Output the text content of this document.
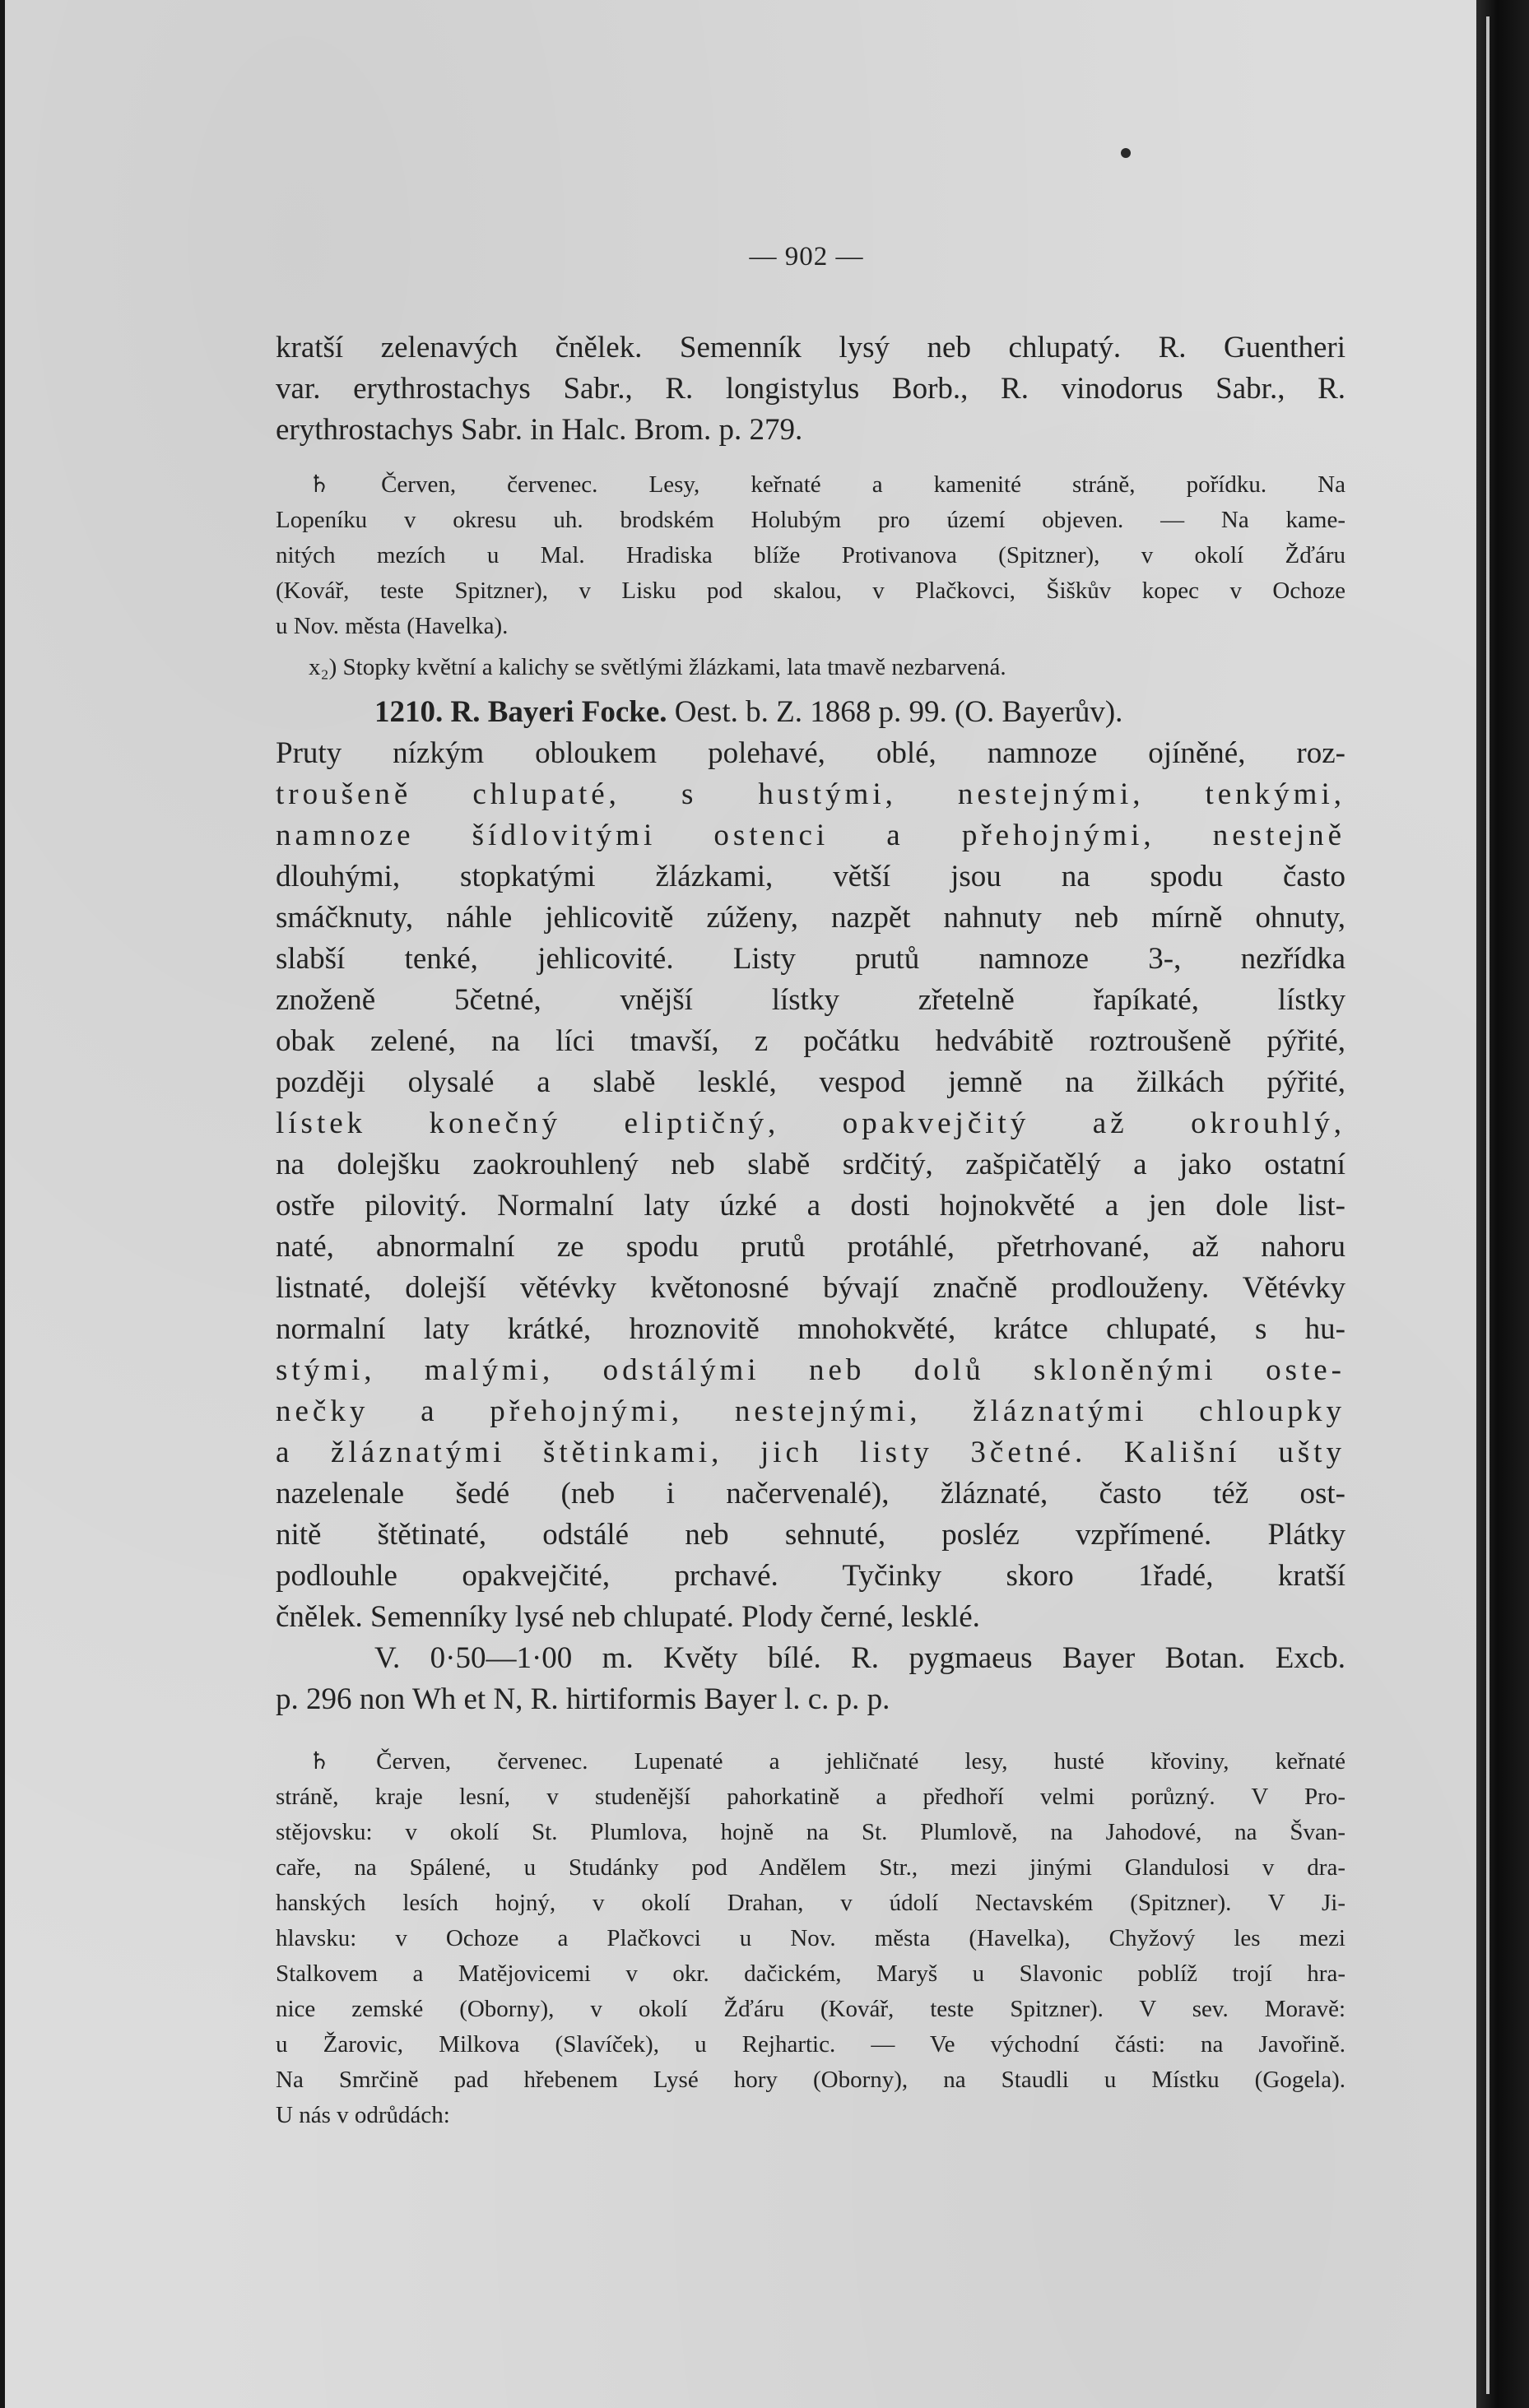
— 902 —
kratší zelenavých čnělek. Semenník lysý neb chlupatý. R. Guentheri
var. erythrostachys Sabr., R. longistylus Borb., R. vinodorus Sabr., R.
erythrostachys Sabr. in Halc. Brom. p. 279.
♄ Červen, červenec. Lesy, keřnaté a kamenité stráně, pořídku. Na
Lopeníku v okresu uh. brodském Holubým pro území objeven. — Na kame-
nitých mezích u Mal. Hradiska blíže Protivanova (Spitzner), v okolí Žďáru
(Kovář, teste Spitzner), v Lisku pod skalou, v Plačkovci, Šiškův kopec v Ochoze
u Nov. města (Havelka).
x₂) Stopky květní a kalichy se světlými žlázkami, lata tmavě nezbarvená.
1210. R. Bayeri Focke. Oest. b. Z. 1868 p. 99. (O. Bayerův).
Pruty nízkým obloukem polehavé, oblé, namnoze ojíněné, roz-
troušeně chlupaté, s hustými, nestejnými, tenkými,
namnoze šídlovitými ostenci a přehojnými, nestejně
dlouhými, stopkatými žlázkami, větší jsou na spodu často
smáčknuty, náhle jehlicovitě zúženy, nazpět nahnuty neb mírně ohnuty,
slabší tenké, jehlicovité. Listy prutů namnoze 3-, nezřídka
znoženě 5četné, vnější lístky zřetelně řapíkaté, lístky
obak zelené, na líci tmavší, z počátku hedvábitě roztroušeně pýřité,
později olysalé a slabě lesklé, vespod jemně na žilkách pýřité,
lístek konečný eliptičný, opakvejčitý až okrouhlý,
na dolejšku zaokrouhlený neb slabě srdčitý, zašpičatělý a jako ostatní
ostře pilovitý. Normalní laty úzké a dosti hojnokvěté a jen dole list-
naté, abnormalní ze spodu prutů protáhlé, přetrhované, až nahoru
listnaté, dolejší větévky květonosné bývají značně prodlouženy. Větévky
normalní laty krátké, hroznovitě mnohokvěté, krátce chlupaté, s hu-
stými, malými, odstálými neb dolů skloněnými oste-
nečky a přehojnými, nestejnými, žláznatými chloupky
a žláznatými štětinkami, jich listy 3četné. Kališní ušty
nazelenale šedé (neb i načervenalé), žláznaté, často též ost-
nitě štětinaté, odstálé neb sehnuté, posléz vzpřímené. Plátky
podlouhle opakvejčité, prchavé. Tyčinky skoro 1řadé, kratší
čnělek. Semenníky lysé neb chlupaté. Plody černé, lesklé.
V. 0·50—1·00 m. Květy bílé. R. pygmaeus Bayer Botan. Excb.
p. 296 non Wh et N, R. hirtiformis Bayer l. c. p. p.
♄ Červen, červenec. Lupenaté a jehličnaté lesy, husté křoviny, keřnaté
stráně, kraje lesní, v studenější pahorkatině a předhoří velmi porůzný. V Pro-
stějovsku: v okolí St. Plumlova, hojně na St. Plumlově, na Jahodové, na Švan-
caře, na Spálené, u Studánky pod Andělem Str., mezi jinými Glandulosi v dra-
hanských lesích hojný, v okolí Drahan, v údolí Nectavském (Spitzner). V Ji-
hlavsku: v Ochoze a Plačkovci u Nov. města (Havelka), Chyžový les mezi
Stalkovem a Matějovicemi v okr. dačickém, Maryš u Slavonic poblíž trojí hra-
nice zemské (Oborny), v okolí Žďáru (Kovář, teste Spitzner). V sev. Moravě:
u Žarovic, Milkova (Slavíček), u Rejhartic. — Ve východní části: na Javořině.
Na Smrčině pad hřebenem Lysé hory (Oborny), na Staudli u Místku (Gogela).
U nás v odrůdách:
